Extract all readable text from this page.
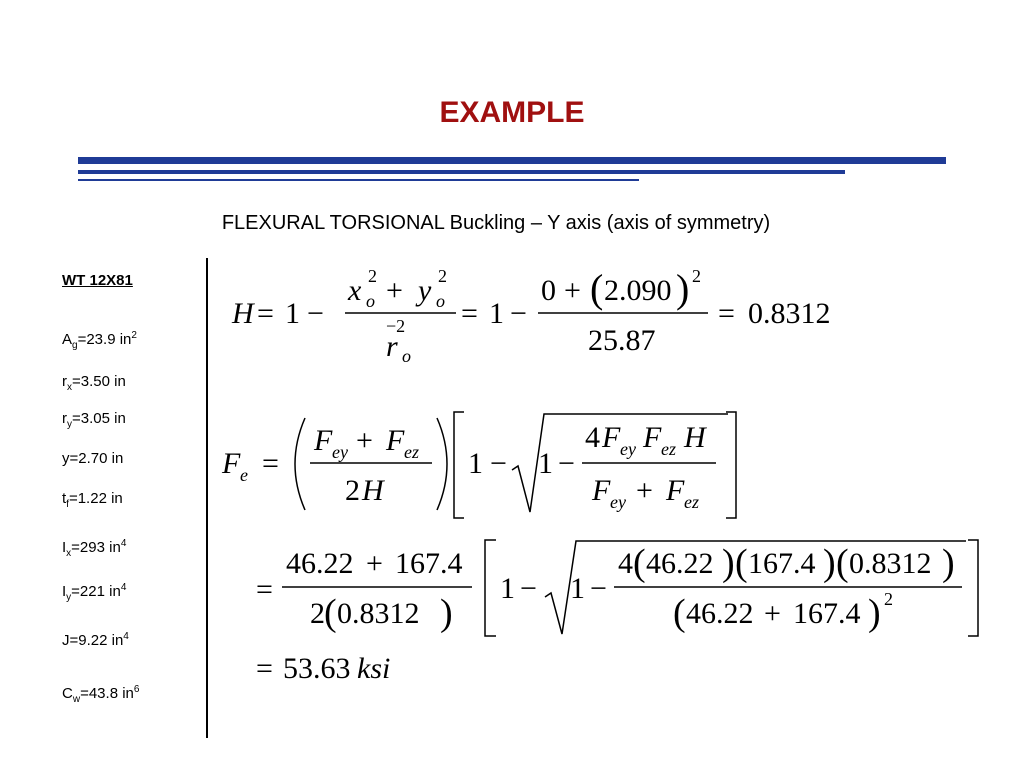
EXAMPLE
FLEXURAL TORSIONAL Buckling – Y axis (axis of symmetry)
WT 12X81
$A_g=23.9$ $in^2$
$r_x=3.50$ in
$r_y=3.05$ in
y=2.70 in
$t_f=1.22$ in
$I_x=293$ $in^4$
$I_y=221$ $in^4$
J=9.22 $in^4$
$C_w=43.8$ $in^6$
H = 1 −
x 2
o + y 2
o
−2
r o
= 1 −
0 + ( 2.090 ) 2
25.87
= 0.8312
F e =
F ey + F ez
2 H
1 − 1 −
4 F ey F ez H
F ey + F ez
=
46.22 + 167.4
2 ( 0.8312 )
1 − 1 −
4 ( 46.22 ) ( 167.4 ) ( 0.8312 )
( 46.22 + 167.4 ) 2
= 53.63 ksi
